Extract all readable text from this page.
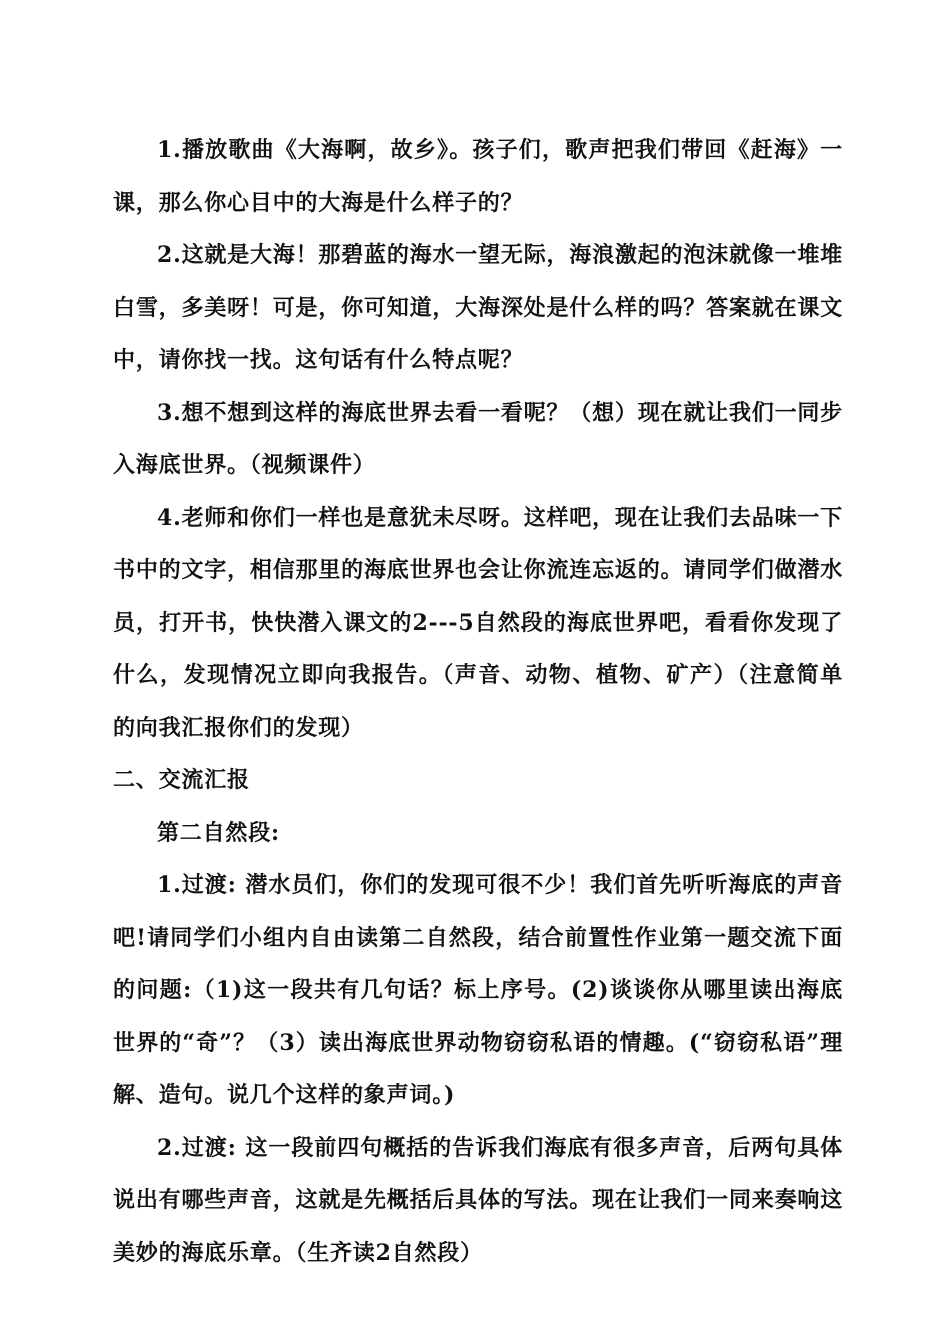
1.播放歌曲《大海啊，故乡》。孩子们，歌声把我们带回《赶海》一课，那么你心目中的大海是什么样子的？

2.这就是大海！那碧蓝的海水一望无际，海浪激起的泡沫就像一堆堆白雪，多美呀！可是，你可知道，大海深处是什么样的吗？答案就在课文中，请你找一找。这句话有什么特点呢？

3.想不想到这样的海底世界去看一看呢？（想）现在就让我们一同步入海底世界。（视频课件）

4.老师和你们一样也是意犹未尽呀。这样吧，现在让我们去品味一下书中的文字，相信那里的海底世界也会让你流连忘返的。请同学们做潜水员，打开书，快快潜入课文的2---5自然段的海底世界吧，看看你发现了什么，发现情况立即向我报告。（声音、动物、植物、矿产）（注意简单的向我汇报你们的发现）

二、交流汇报

第二自然段:

1.过渡: 潜水员们，你们的发现可很不少！我们首先听听海底的声音吧!请同学们小组内自由读第二自然段，结合前置性作业第一题交流下面的问题:（1)这一段共有几句话？标上序号。(2)谈谈你从哪里读出海底世界的“奇”？（3）读出海底世界动物窃窃私语的情趣。(“窃窃私语”理解、造句。说几个这样的象声词。)

2.过渡: 这一段前四句概括的告诉我们海底有很多声音，后两句具体说出有哪些声音，这就是先概括后具体的写法。现在让我们一同来奏响这美妙的海底乐章。（生齐读2自然段）
